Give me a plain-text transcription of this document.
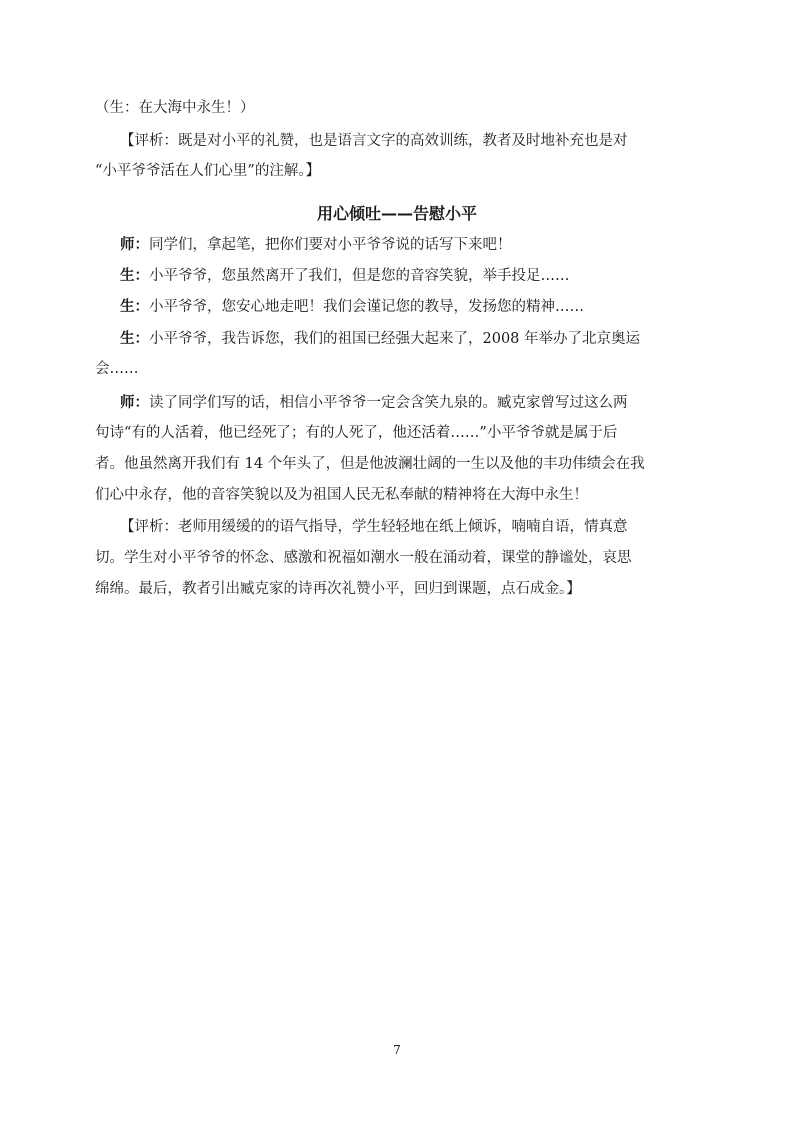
（生：在大海中永生！）
【评析：既是对小平的礼赞，也是语言文字的高效训练，教者及时地补充也是对
“小平爷爷活在人们心里”的注解。】
用心倾吐——告慰小平
师：同学们，拿起笔，把你们要对小平爷爷说的话写下来吧！
生：小平爷爷，您虽然离开了我们，但是您的音容笑貌，举手投足……
生：小平爷爷，您安心地走吧！我们会谨记您的教导，发扬您的精神……
生：小平爷爷，我告诉您，我们的祖国已经强大起来了，2008 年举办了北京奥运
会……
师：读了同学们写的话，相信小平爷爷一定会含笑九泉的。臧克家曾写过这么两
句诗“有的人活着，他已经死了；有的人死了，他还活着……”小平爷爷就是属于后
者。他虽然离开我们有 14 个年头了，但是他波澜壮阔的一生以及他的丰功伟绩会在我
们心中永存，他的音容笑貌以及为祖国人民无私奉献的精神将在大海中永生！
【评析：老师用缓缓的的语气指导，学生轻轻地在纸上倾诉，喃喃自语，情真意
切。学生对小平爷爷的怀念、感激和祝福如潮水一般在涌动着，课堂的静谧处，哀思
绵绵。最后，教者引出臧克家的诗再次礼赞小平，回归到课题，点石成金。】
7
